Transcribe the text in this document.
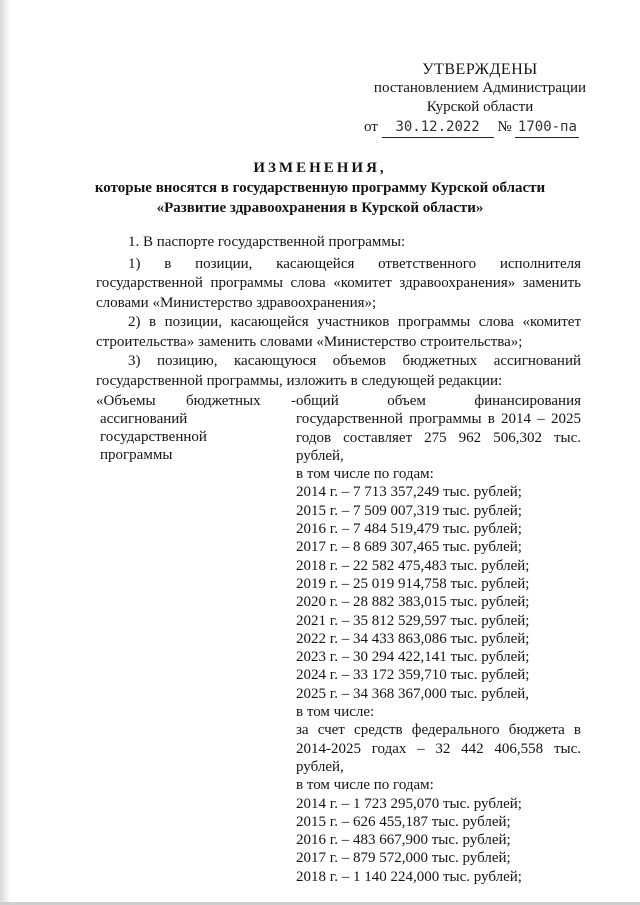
УТВЕРЖДЕНЫ
постановлением Администрации
Курской области
от 30.12.2022 № 1700-па
ИЗМЕНЕНИЯ,
которые вносятся в государственную программу Курской области
«Развитие здравоохранения в Курской области»
1. В паспорте государственной программы:
1) в позиции, касающейся ответственного исполнителя
государственной программы слова «комитет здравоохранения» заменить словами «Министерство здравоохранения»;
2) в позиции, касающейся участников программы слова «комитет
строительства» заменить словами «Министерство строительства»;
3) позицию, касающуюся объемов бюджетных ассигнований
государственной программы, изложить в следующей редакции:
«Объемы бюджетных -
ассигнований
государственной
программы
общий объем финансирования
государственной программы в 2014 – 2025
годов составляет 275 962 506,302 тыс.
рублей,
в том числе по годам:
2014 г. – 7 713 357,249 тыс. рублей;
2015 г. – 7 509 007,319 тыс. рублей;
2016 г. – 7 484 519,479 тыс. рублей;
2017 г. – 8 689 307,465 тыс. рублей;
2018 г. – 22 582 475,483 тыс. рублей;
2019 г. – 25 019 914,758 тыс. рублей;
2020 г. – 28 882 383,015 тыс. рублей;
2021 г. – 35 812 529,597 тыс. рублей;
2022 г. – 34 433 863,086 тыс. рублей;
2023 г. – 30 294 422,141 тыс. рублей;
2024 г. – 33 172 359,710 тыс. рублей;
2025 г. – 34 368 367,000 тыс. рублей,
в том числе:
за счет средств федерального бюджета в
2014-2025 годах – 32 442 406,558 тыс.
рублей,
в том числе по годам:
2014 г. – 1 723 295,070 тыс. рублей;
2015 г. – 626 455,187 тыс. рублей;
2016 г. – 483 667,900 тыс. рублей;
2017 г. – 879 572,000 тыс. рублей;
2018 г. – 1 140 224,000 тыс. рублей;
